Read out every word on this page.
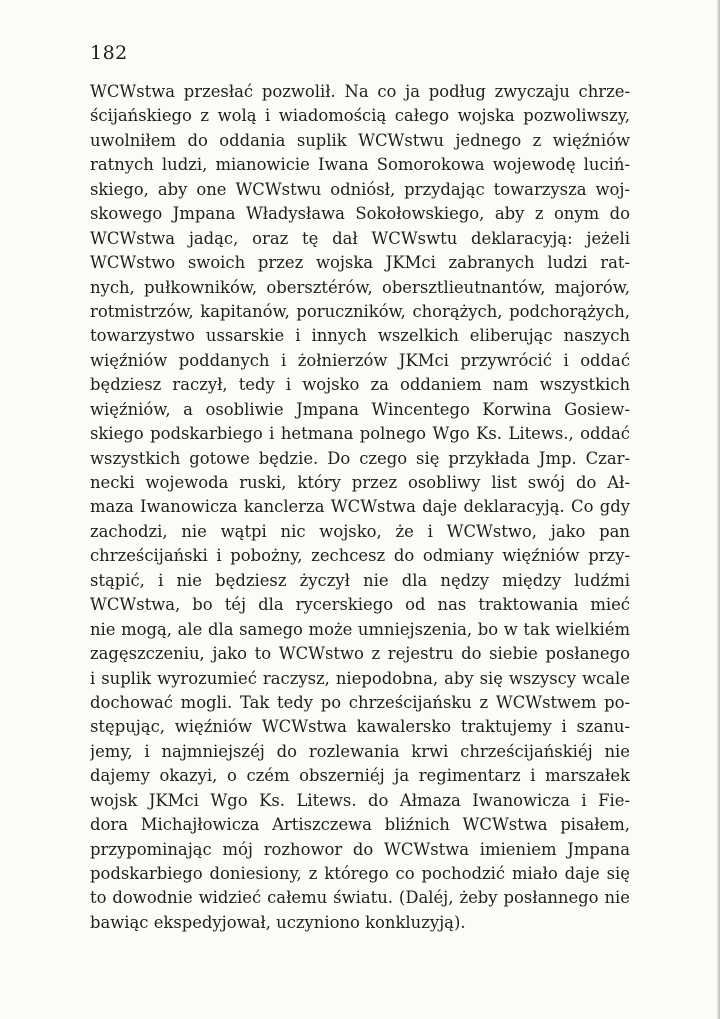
182
WCWstwa przesłać pozwolił. Na co ja podług zwyczaju chrze-
ścijańskiego z wolą i wiadomością całego wojska pozwoliwszy,
uwolniłem do oddania suplik WCWstwu jednego z więźniów
ratnych ludzi, mianowicie Iwana Somorokowa wojewodę luciń-
skiego, aby one WCWstwu odniósł, przydając towarzysza woj-
skowego Jmpana Władysława Sokołowskiego, aby z onym do
WCWstwa jadąc, oraz tę dał WCWswtu deklaracyją: jeżeli
WCWstwo swoich przez wojska JKMci zabranych ludzi rat-
nych, pułkowników, obersztérów, obersztlieutnantów, majorów,
rotmistrzów, kapitanów, poruczników, chorążych, podchorążych,
towarzystwo ussarskie i innych wszelkich eliberując naszych
więźniów poddanych i żołnierzów JKMci przywrócić i oddać
będziesz raczył, tedy i wojsko za oddaniem nam wszystkich
więźniów, a osobliwie Jmpana Wincentego Korwina Gosiew-
skiego podskarbiego i hetmana polnego Wgo Ks. Litews., oddać
wszystkich gotowe będzie. Do czego się przykłada Jmp. Czar-
necki wojewoda ruski, który przez osobliwy list swój do Ał-
maza Iwanowicza kanclerza WCWstwa daje deklaracyją. Co gdy
zachodzi, nie wątpi nic wojsko, że i WCWstwo, jako pan
chrześcijański i pobożny, zechcesz do odmiany więźniów przy-
stąpić, i nie będziesz życzył nie dla nędzy między ludźmi
WCWstwa, bo téj dla rycerskiego od nas traktowania mieć
nie mogą, ale dla samego może umniejszenia, bo w tak wielkiém
zagęszczeniu, jako to WCWstwo z rejestru do siebie posłanego
i suplik wyrozumieć raczysz, niepodobna, aby się wszyscy wcale
dochować mogli. Tak tedy po chrześcijańsku z WCWstwem po-
stępując, więźniów WCWstwa kawalersko traktujemy i szanu-
jemy, i najmniejszéj do rozlewania krwi chrześcijańskiéj nie
dajemy okazyi, o czém obszerniéj ja regimentarz i marszałek
wojsk JKMci Wgo Ks. Litews. do Ałmaza Iwanowicza i Fie-
dora Michajłowicza Artiszczewa bliźnich WCWstwa pisałem,
przypominając mój rozhowor do WCWstwa imieniem Jmpana
podskarbiego doniesiony, z którego co pochodzić miało daje się
to dowodnie widzieć całemu światu. (Daléj, żeby posłannego nie
bawiąc ekspedyjował, uczyniono konkluzyją).
